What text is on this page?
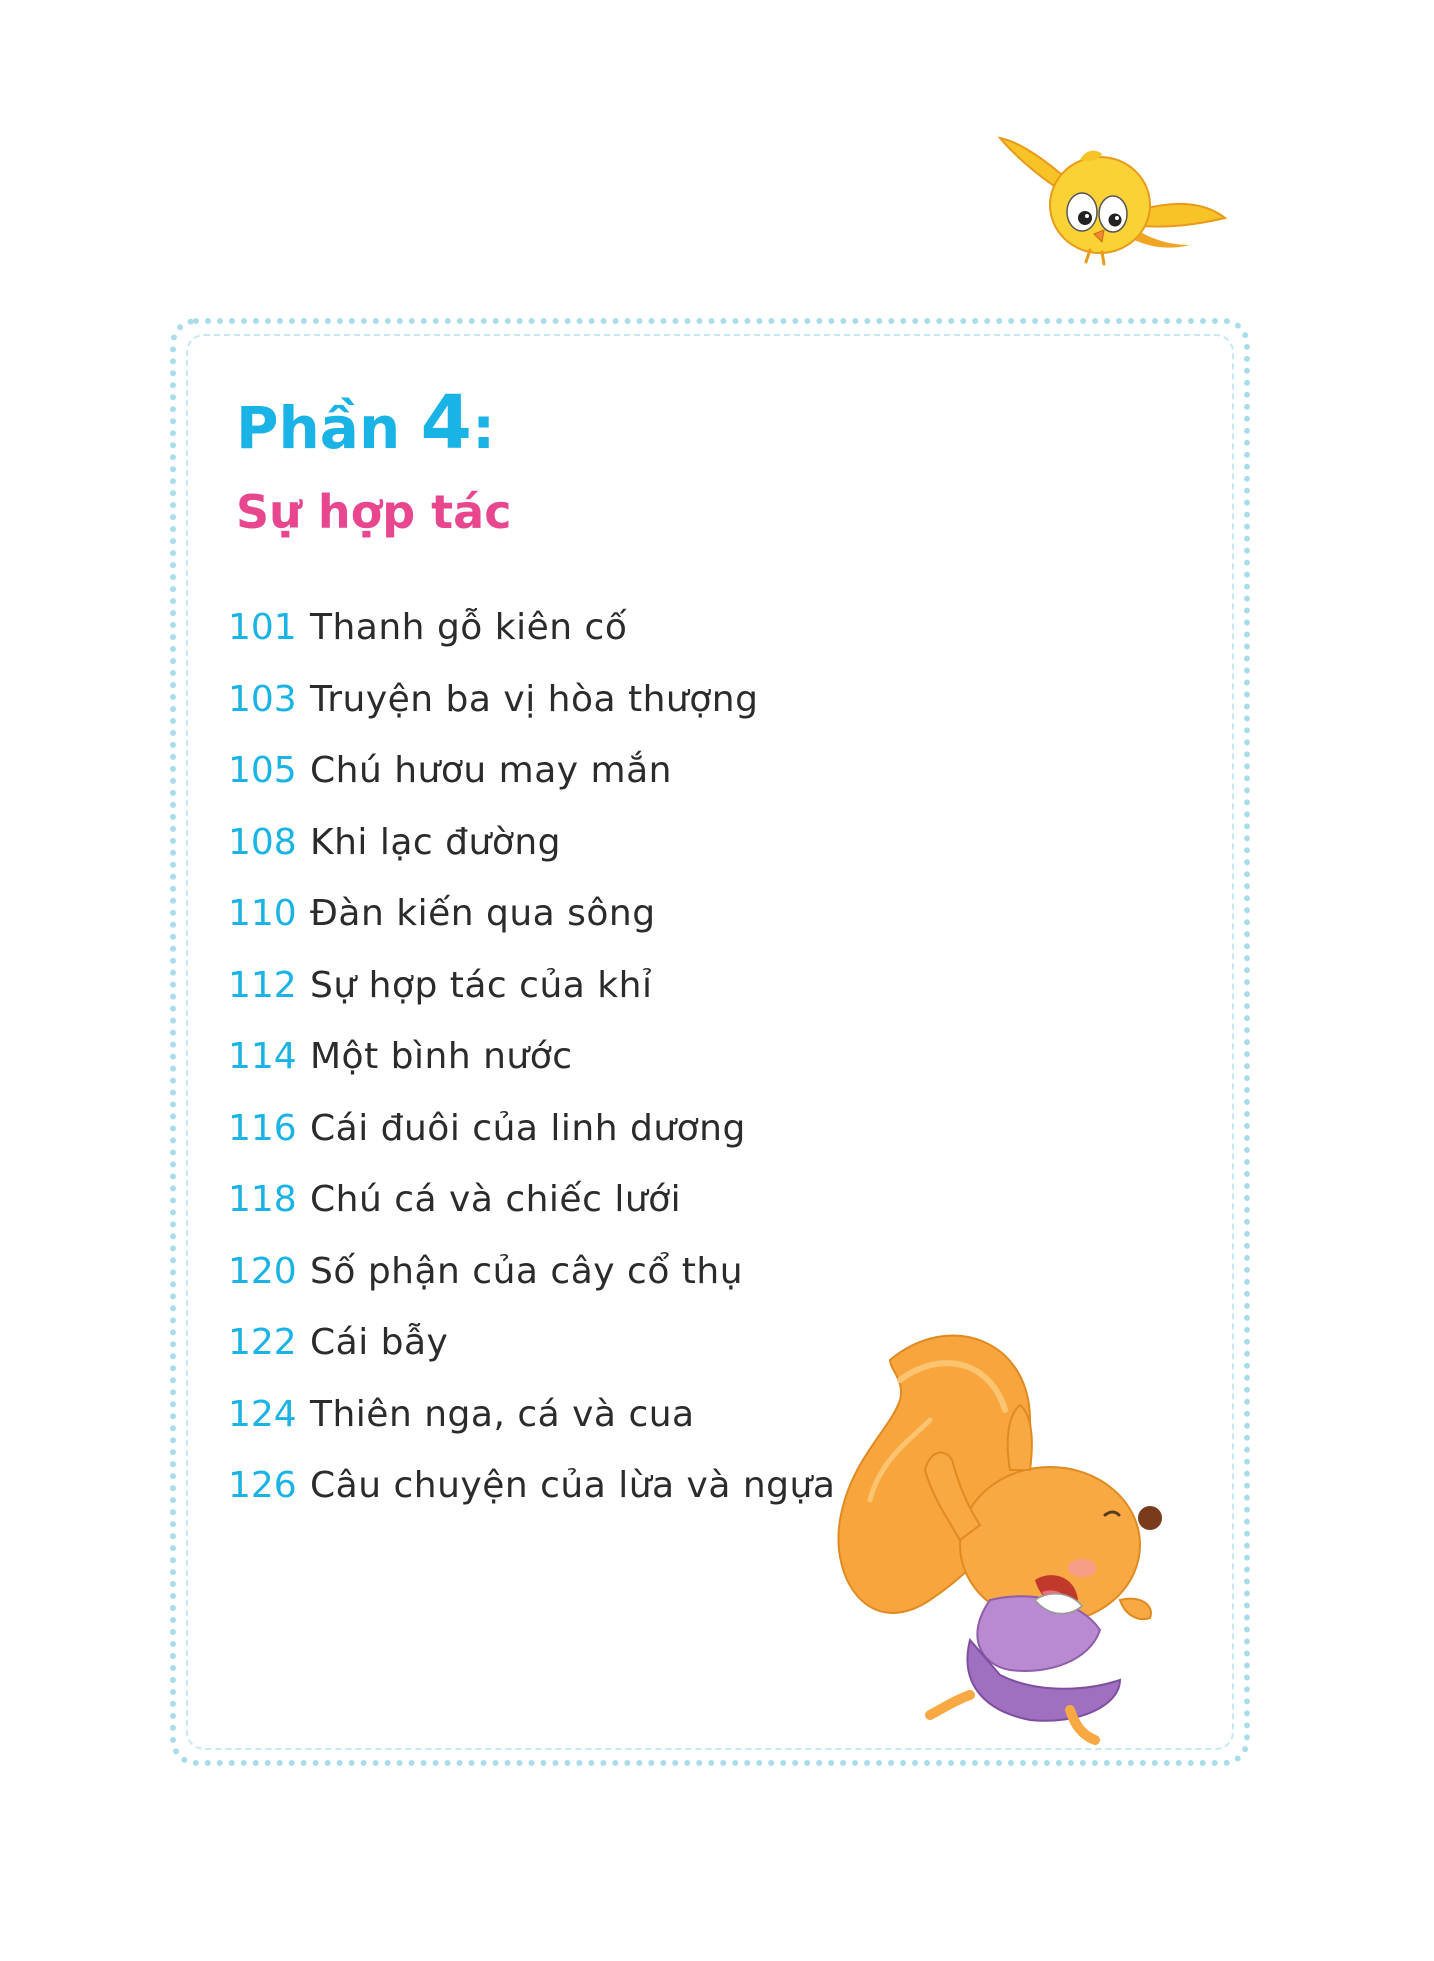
Phần 4:
Sự hợp tác
101 Thanh gỗ kiên cố
103 Truyện ba vị hòa thượng
105 Chú hươu may mắn
108 Khi lạc đường
110 Đàn kiến qua sông
112 Sự hợp tác của khỉ
114 Một bình nước
116 Cái đuôi của linh dương
118 Chú cá và chiếc lưới
120 Số phận của cây cổ thụ
122 Cái bẫy
124 Thiên nga, cá và cua
126 Câu chuyện của lừa và ngựa
